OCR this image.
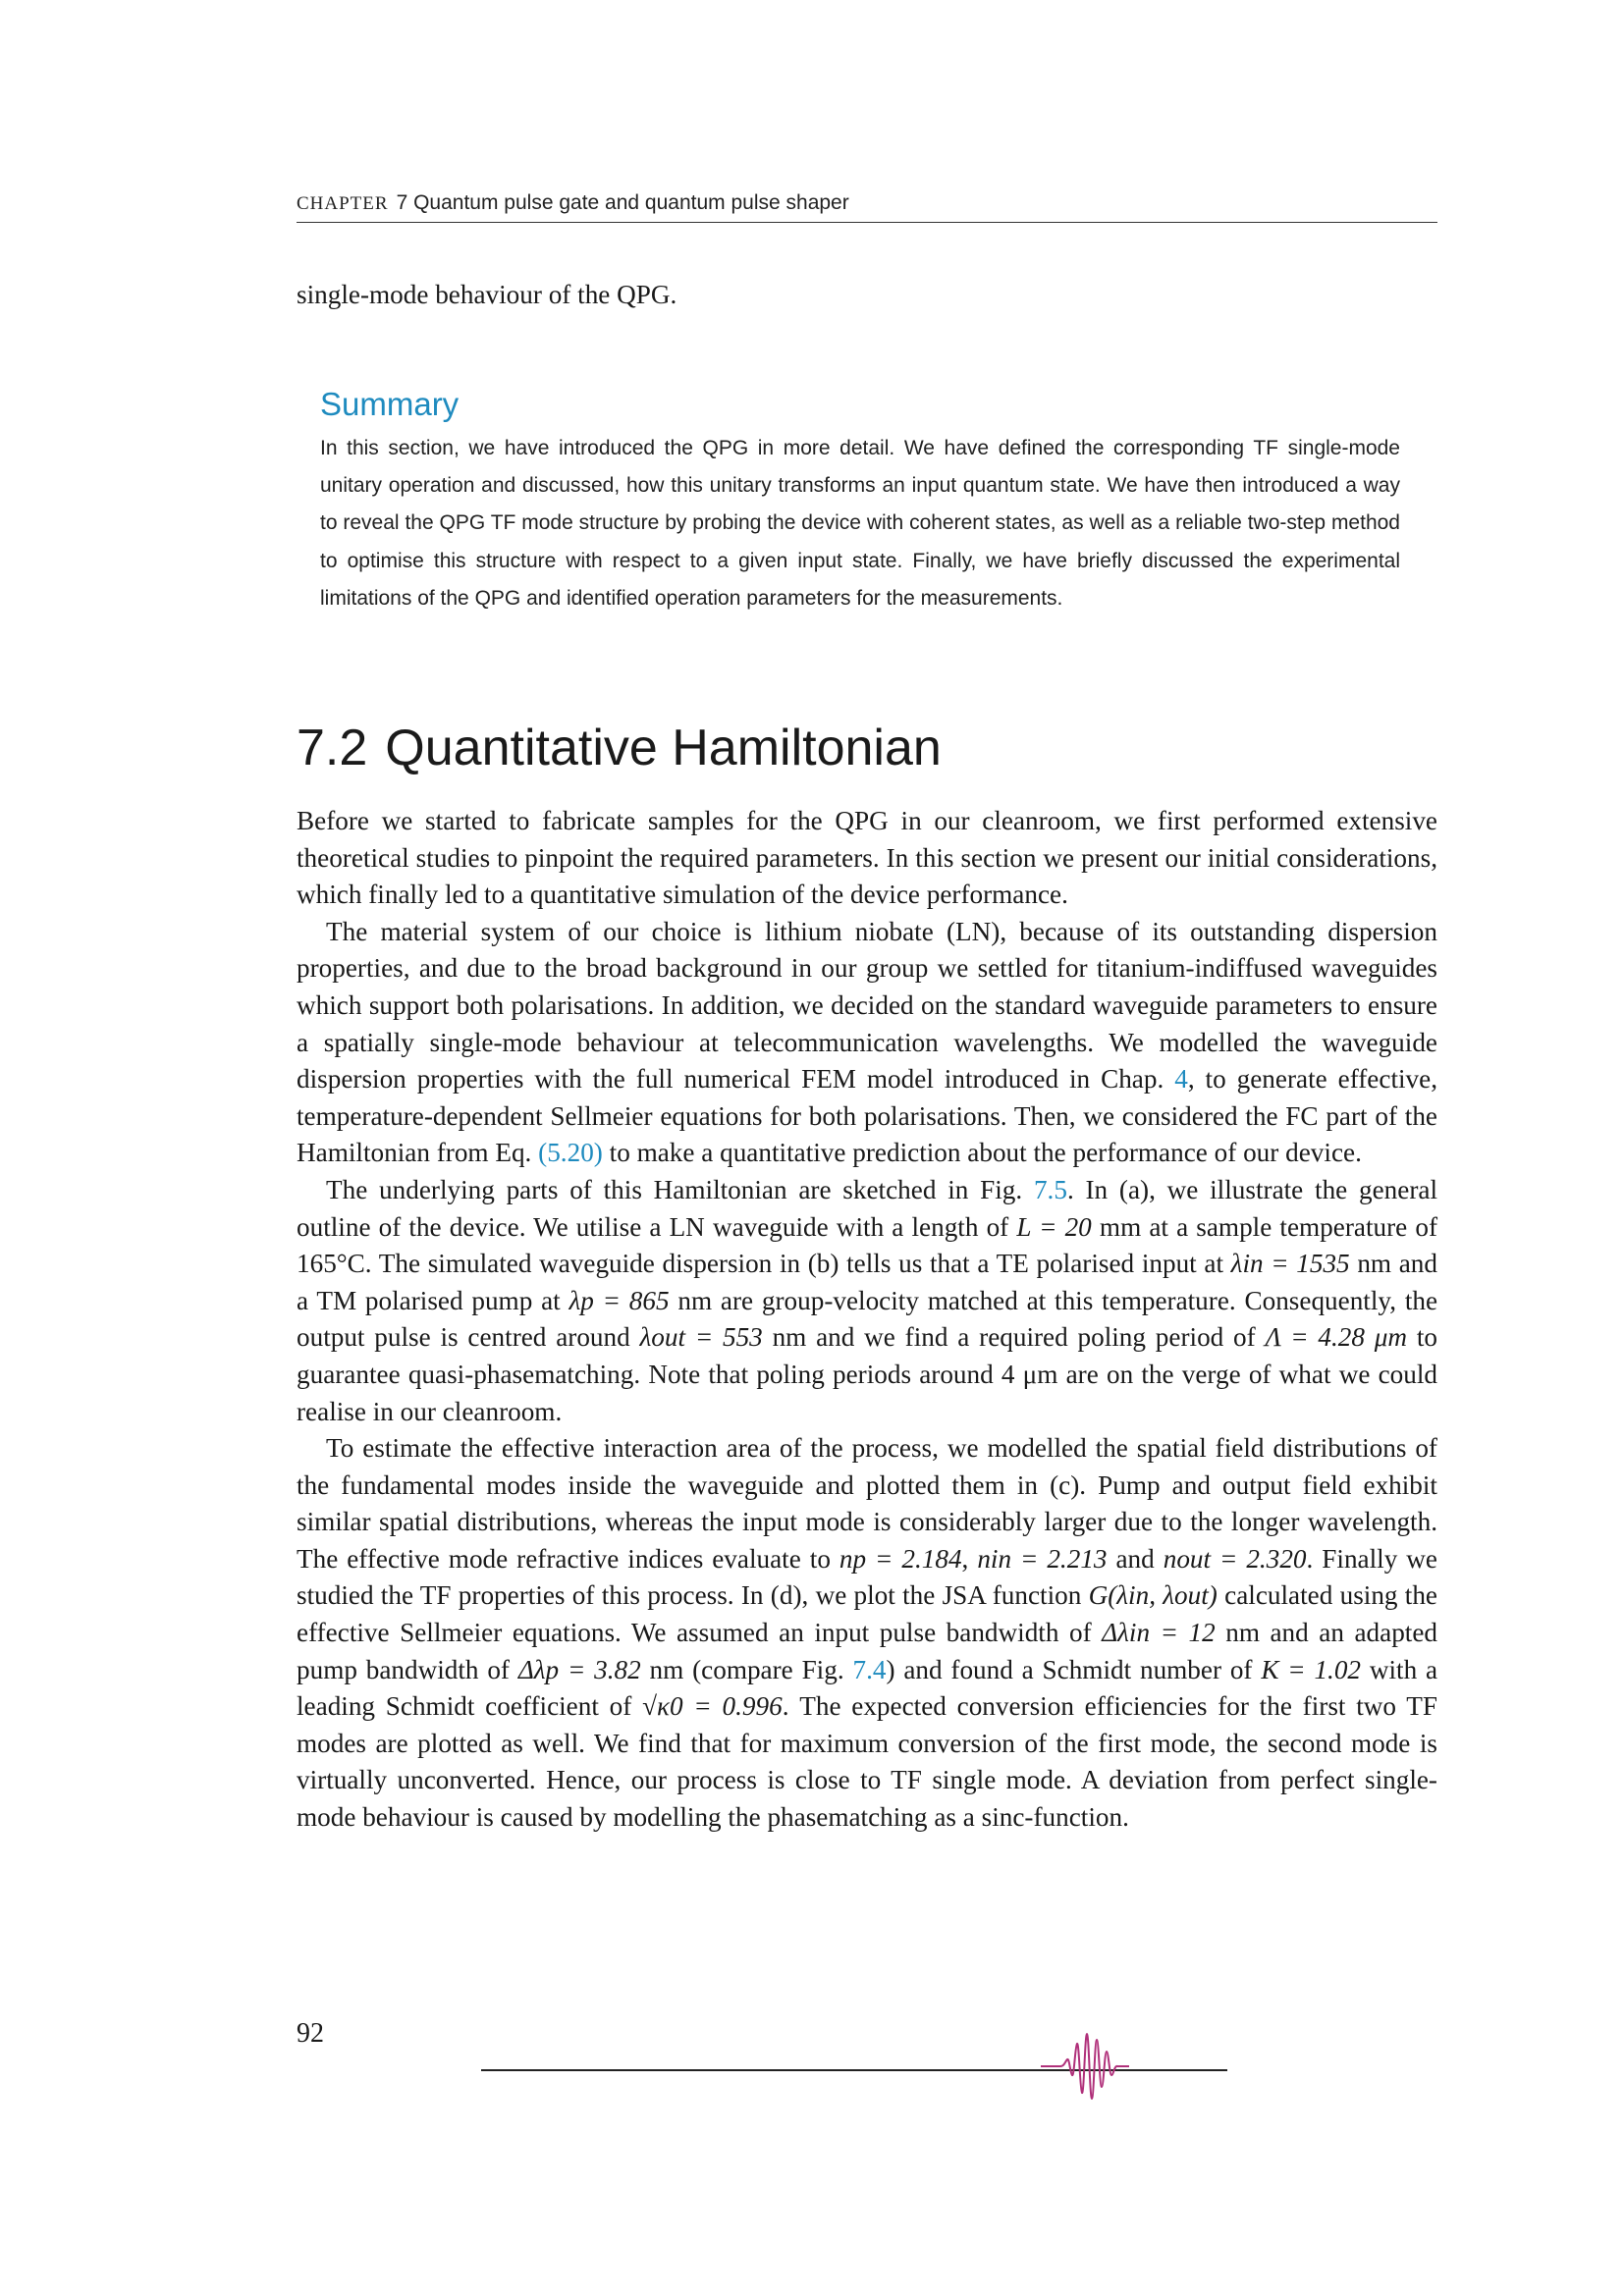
CHAPTER 7 Quantum pulse gate and quantum pulse shaper
single-mode behaviour of the QPG.
Summary
In this section, we have introduced the QPG in more detail. We have defined the corresponding TF single-mode unitary operation and discussed, how this unitary transforms an input quantum state. We have then introduced a way to reveal the QPG TF mode structure by probing the device with coherent states, as well as a reliable two-step method to optimise this structure with respect to a given input state. Finally, we have briefly discussed the experimental limitations of the QPG and identified operation parameters for the measurements.
7.2 Quantitative Hamiltonian

Before we started to fabricate samples for the QPG in our cleanroom, we first performed extensive theoretical studies to pinpoint the required parameters. In this section we present our initial considerations, which finally led to a quantitative simulation of the device performance.

The material system of our choice is lithium niobate (LN), because of its outstanding dispersion properties, and due to the broad background in our group we settled for titanium-indiffused waveguides which support both polarisations. In addition, we decided on the standard waveguide parameters to ensure a spatially single-mode behaviour at telecommunication wavelengths. We modelled the waveguide dispersion properties with the full numerical FEM model introduced in Chap. 4, to generate effective, temperature-dependent Sellmeier equations for both polarisations. Then, we considered the FC part of the Hamiltonian from Eq. (5.20) to make a quantitative prediction about the performance of our device.

The underlying parts of this Hamiltonian are sketched in Fig. 7.5. In (a), we illustrate the general outline of the device. We utilise a LN waveguide with a length of L = 20 mm at a sample temperature of 165°C. The simulated waveguide dispersion in (b) tells us that a TE polarised input at λin = 1535 nm and a TM polarised pump at λp = 865 nm are group-velocity matched at this temperature. Consequently, the output pulse is centred around λout = 553 nm and we find a required poling period of Λ = 4.28 μm to guarantee quasi-phasematching. Note that poling periods around 4 μm are on the verge of what we could realise in our cleanroom.

To estimate the effective interaction area of the process, we modelled the spatial field distributions of the fundamental modes inside the waveguide and plotted them in (c). Pump and output field exhibit similar spatial distributions, whereas the input mode is considerably larger due to the longer wavelength. The effective mode refractive indices evaluate to np = 2.184, nin = 2.213 and nout = 2.320. Finally we studied the TF properties of this process. In (d), we plot the JSA function G(λin, λout) calculated using the effective Sellmeier equations. We assumed an input pulse bandwidth of Δλin = 12 nm and an adapted pump bandwidth of Δλp = 3.82 nm (compare Fig. 7.4) and found a Schmidt number of K = 1.02 with a leading Schmidt coefficient of √κ0 = 0.996. The expected conversion efficiencies for the first two TF modes are plotted as well. We find that for maximum conversion of the first mode, the second mode is virtually unconverted. Hence, our process is close to TF single mode. A deviation from perfect single-mode behaviour is caused by modelling the phasematching as a sinc-function.

92
